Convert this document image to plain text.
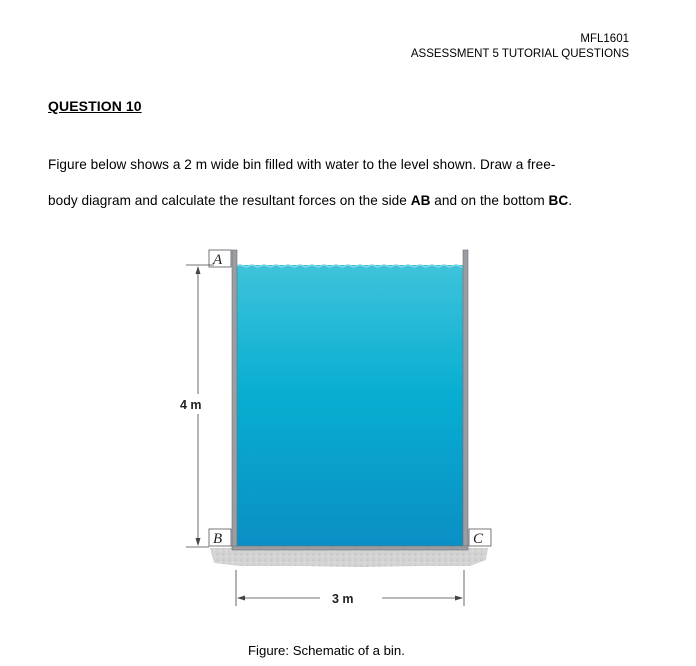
MFL1601
ASSESSMENT 5 TUTORIAL QUESTIONS
QUESTION 10
Figure below shows a 2 m wide bin filled with water to the level shown. Draw a free-
body diagram and calculate the resultant forces on the side AB and on the bottom BC.
A
B	C
4 m
3 m
Figure: Schematic of a bin.
